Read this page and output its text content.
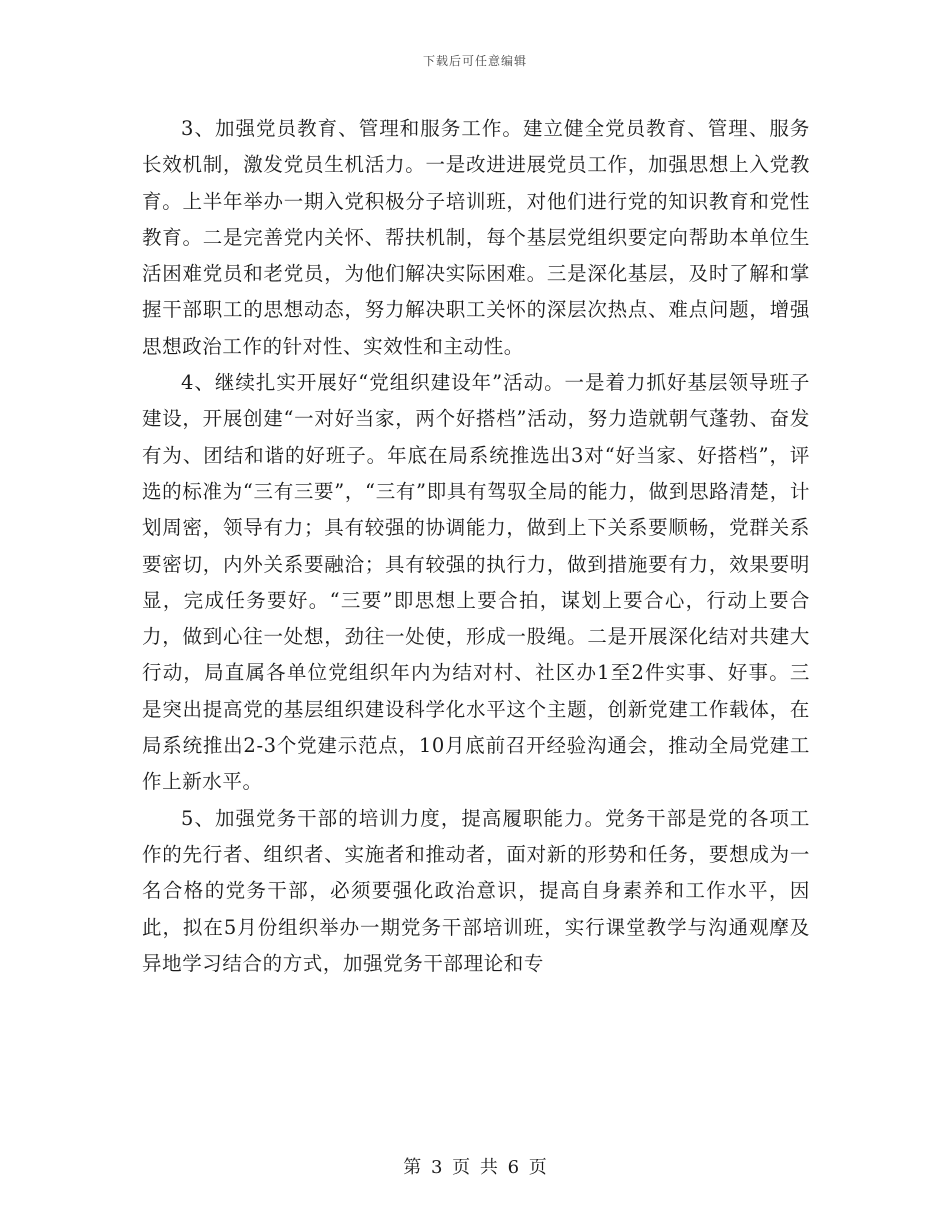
下载后可任意编辑

3、加强党员教育、管理和服务工作。建立健全党员教育、管理、服务长效机制，激发党员生机活力。一是改进进展党员工作，加强思想上入党教育。上半年举办一期入党积极分子培训班，对他们进行党的知识教育和党性教育。二是完善党内关怀、帮扶机制，每个基层党组织要定向帮助本单位生活困难党员和老党员，为他们解决实际困难。三是深化基层，及时了解和掌握干部职工的思想动态，努力解决职工关怀的深层次热点、难点问题，增强思想政治工作的针对性、实效性和主动性。

4、继续扎实开展好“党组织建设年”活动。一是着力抓好基层领导班子建设，开展创建“一对好当家，两个好搭档”活动，努力造就朝气蓬勃、奋发有为、团结和谐的好班子。年底在局系统推选出3对“好当家、好搭档”，评选的标准为“三有三要”，“三有”即具有驾驭全局的能力，做到思路清楚，计划周密，领导有力；具有较强的协调能力，做到上下关系要顺畅，党群关系要密切，内外关系要融洽；具有较强的执行力，做到措施要有力，效果要明显，完成任务要好。“三要”即思想上要合拍，谋划上要合心，行动上要合力，做到心往一处想，劲往一处使，形成一股绳。二是开展深化结对共建大行动，局直属各单位党组织年内为结对村、社区办1至2件实事、好事。三是突出提高党的基层组织建设科学化水平这个主题，创新党建工作载体，在局系统推出2-3个党建示范点，10月底前召开经验沟通会，推动全局党建工作上新水平。

5、加强党务干部的培训力度，提高履职能力。党务干部是党的各项工作的先行者、组织者、实施者和推动者，面对新的形势和任务，要想成为一名合格的党务干部，必须要强化政治意识，提高自身素养和工作水平，因此，拟在5月份组织举办一期党务干部培训班，实行课堂教学与沟通观摩及异地学习结合的方式，加强党务干部理论和专

第 3 页 共 6 页
